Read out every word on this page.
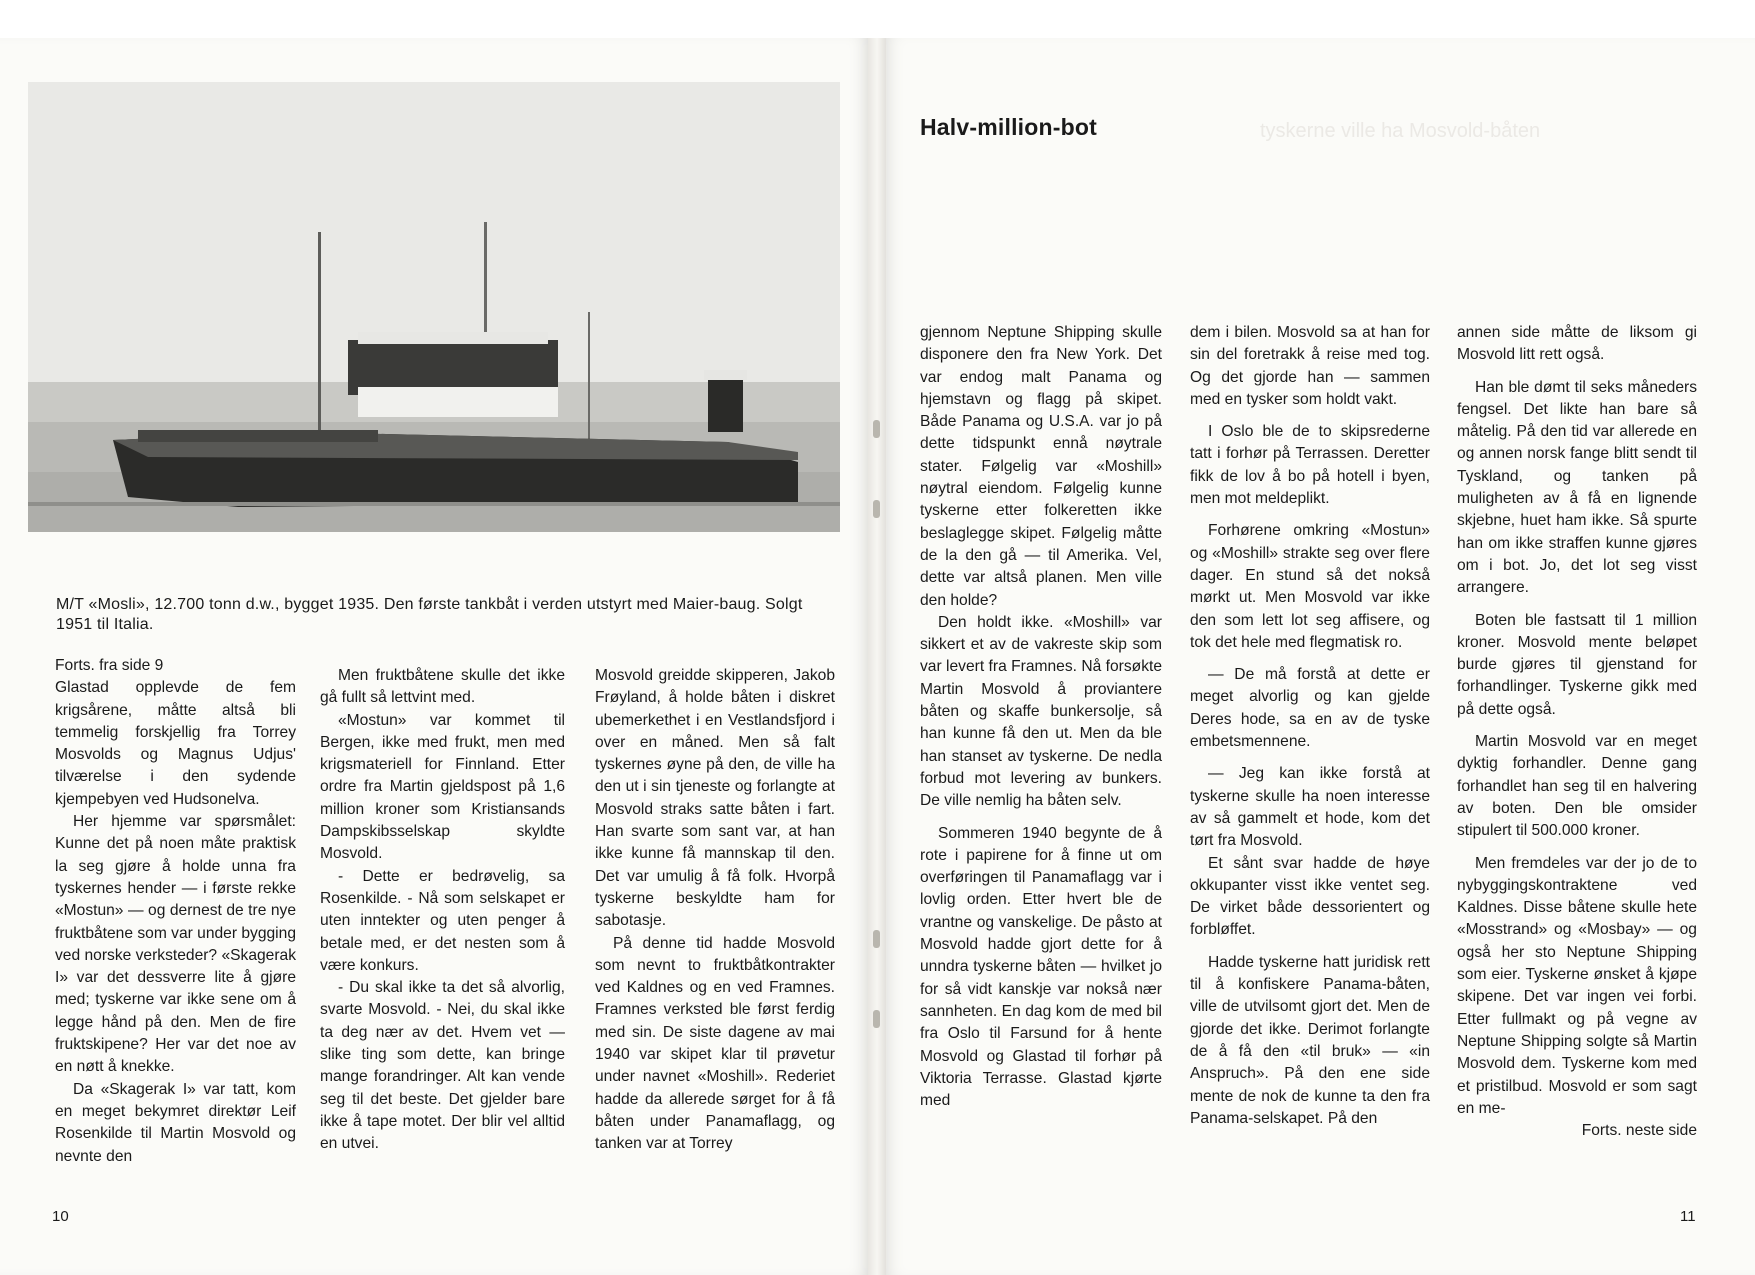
M/T «Mosli», 12.700 tonn d.w., bygget 1935. Den første tankbåt i verden utstyrt med Maier-baug. Solgt 1951 til Italia.

Forts. fra side 9

Glastad opplevde de fem krigsårene, måtte altså bli temmelig forskjellig fra Torrey Mosvolds og Magnus Udjus' tilværelse i den sydende kjempebyen ved Hudsonelva.

Her hjemme var spørsmålet: Kunne det på noen måte praktisk la seg gjøre å holde unna fra tyskernes hender — i første rekke «Mostun» — og dernest de tre nye fruktbåtene som var under bygging ved norske verksteder? «Skagerak I» var det dessverre lite å gjøre med; tyskerne var ikke sene om å legge hånd på den. Men de fire fruktskipene? Her var det noe av en nøtt å knekke.

Da «Skagerak I» var tatt, kom en meget bekymret direktør Leif Rosenkilde til Martin Mosvold og nevnte den

Men fruktbåtene skulle det ikke gå fullt så lettvint med.

«Mostun» var kommet til Bergen, ikke med frukt, men med krigsmateriell for Finnland. Etter ordre fra Martin gjeldspost på 1,6 million kroner som Kristiansands Dampskibsselskap skyldte Mosvold.

- Dette er bedrøvelig, sa Rosenkilde. - Nå som selskapet er uten inntekter og uten penger å betale med, er det nesten som å være konkurs.

- Du skal ikke ta det så alvorlig, svarte Mosvold. - Nei, du skal ikke ta deg nær av det. Hvem vet — slike ting som dette, kan bringe mange forandringer. Alt kan vende seg til det beste. Det gjelder bare ikke å tape motet. Der blir vel alltid en utvei.

Mosvold greidde skipperen, Jakob Frøyland, å holde båten i diskret ubemerkethet i en Vestlandsfjord i over en måned. Men så falt tyskernes øyne på den, de ville ha den ut i sin tjeneste og forlangte at Mosvold straks satte båten i fart. Han svarte som sant var, at han ikke kunne få mannskap til den. Det var umulig å få folk. Hvorpå tyskerne beskyldte ham for sabotasje.

På denne tid hadde Mosvold som nevnt to fruktbåtkontrakter ved Kaldnes og en ved Framnes. Framnes verksted ble først ferdig med sin. De siste dagene av mai 1940 var skipet klar til prøvetur under navnet «Moshill». Rederiet hadde da allerede sørget for å få båten under Panamaflagg, og tanken var at Torrey

10
tyskerne ville ha Mosvold-båten
Halv-million-bot

gjennom Neptune Shipping skulle disponere den fra New York. Det var endog malt Panama og hjemstavn og flagg på skipet. Både Panama og U.S.A. var jo på dette tidspunkt ennå nøytrale stater. Følgelig var «Moshill» nøytral eiendom. Følgelig kunne tyskerne etter folkeretten ikke beslaglegge skipet. Følgelig måtte de la den gå — til Amerika. Vel, dette var altså planen. Men ville den holde?

Den holdt ikke. «Moshill» var sikkert et av de vakreste skip som var levert fra Framnes. Nå forsøkte Martin Mosvold å proviantere båten og skaffe bunkersolje, så han kunne få den ut. Men da ble han stanset av tyskerne. De nedla forbud mot levering av bunkers. De ville nemlig ha båten selv.

Sommeren 1940 begynte de å rote i papirene for å finne ut om overføringen til Panamaflagg var i lovlig orden. Etter hvert ble de vrantne og vanskelige. De påsto at Mosvold hadde gjort dette for å unndra tyskerne båten — hvilket jo for så vidt kanskje var nokså nær sannheten. En dag kom de med bil fra Oslo til Farsund for å hente Mosvold og Glastad til forhør på Viktoria Terrasse. Glastad kjørte med

dem i bilen. Mosvold sa at han for sin del foretrakk å reise med tog. Og det gjorde han — sammen med en tysker som holdt vakt.

I Oslo ble de to skipsrederne tatt i forhør på Terrassen. Deretter fikk de lov å bo på hotell i byen, men mot meldeplikt.

Forhørene omkring «Mostun» og «Moshill» strakte seg over flere dager. En stund så det nokså mørkt ut. Men Mosvold var ikke den som lett lot seg affisere, og tok det hele med flegmatisk ro.

— De må forstå at dette er meget alvorlig og kan gjelde Deres hode, sa en av de tyske embetsmennene.

— Jeg kan ikke forstå at tyskerne skulle ha noen interesse av så gammelt et hode, kom det tørt fra Mosvold.

Et sånt svar hadde de høye okkupanter visst ikke ventet seg. De virket både dessorientert og forbløffet.

Hadde tyskerne hatt juridisk rett til å konfiskere Panama-båten, ville de utvilsomt gjort det. Men de gjorde det ikke. Derimot forlangte de å få den «til bruk» — «in Anspruch». På den ene side mente de nok de kunne ta den fra Panama-selskapet. På den

annen side måtte de liksom gi Mosvold litt rett også.

Han ble dømt til seks måneders fengsel. Det likte han bare så måtelig. På den tid var allerede en og annen norsk fange blitt sendt til Tyskland, og tanken på muligheten av å få en lignende skjebne, huet ham ikke. Så spurte han om ikke straffen kunne gjøres om i bot. Jo, det lot seg visst arrangere.

Boten ble fastsatt til 1 million kroner. Mosvold mente beløpet burde gjøres til gjenstand for forhandlinger. Tyskerne gikk med på dette også.

Martin Mosvold var en meget dyktig forhandler. Denne gang forhandlet han seg til en halvering av boten. Den ble omsider stipulert til 500.000 kroner.

Men fremdeles var der jo de to nybyggingskontraktene ved Kaldnes. Disse båtene skulle hete «Mosstrand» og «Mosbay» — og også her sto Neptune Shipping som eier. Tyskerne ønsket å kjøpe skipene. Det var ingen vei forbi. Etter fullmakt og på vegne av Neptune Shipping solgte så Martin Mosvold dem. Tyskerne kom med et pristilbud. Mosvold er som sagt en me-

Forts. neste side

11
